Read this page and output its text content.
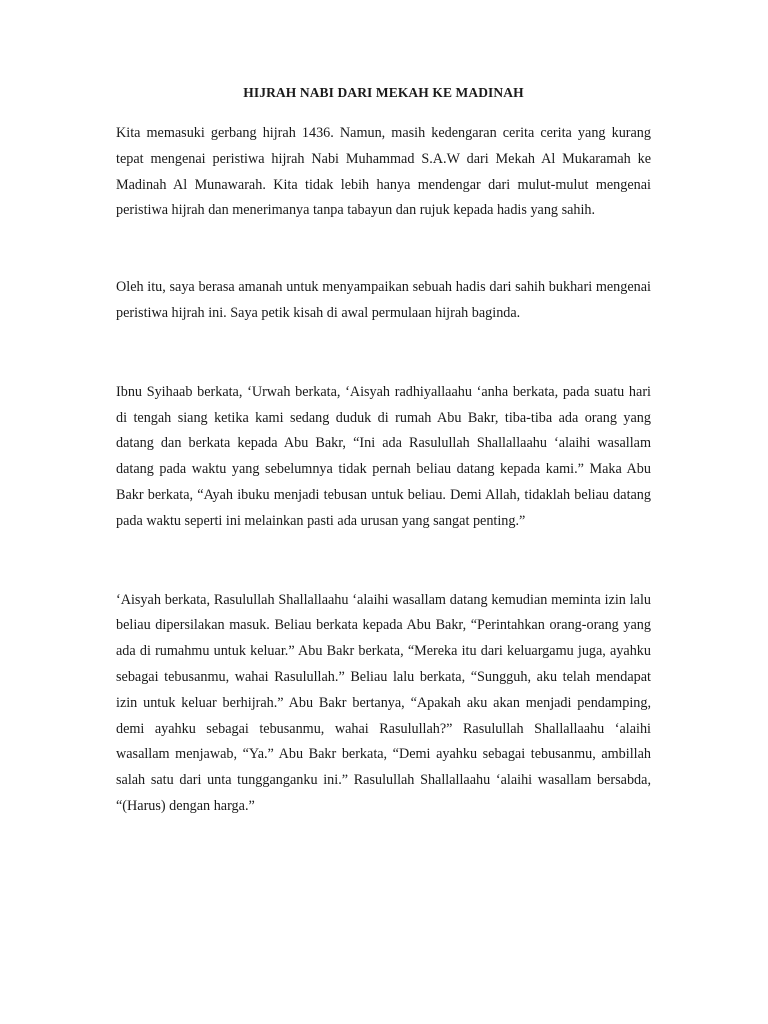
HIJRAH NABI DARI MEKAH KE MADINAH

Kita memasuki gerbang hijrah 1436. Namun, masih kedengaran cerita cerita yang kurang tepat mengenai peristiwa hijrah Nabi Muhammad S.A.W dari Mekah Al Mukaramah ke Madinah Al Munawarah. Kita tidak lebih hanya mendengar dari mulut-mulut mengenai peristiwa hijrah dan menerimanya tanpa tabayun dan rujuk kepada hadis yang sahih.

Oleh itu, saya berasa amanah untuk menyampaikan sebuah hadis dari sahih bukhari mengenai peristiwa hijrah ini. Saya petik kisah di awal permulaan hijrah baginda.

Ibnu Syihaab berkata, ‘Urwah berkata, ‘Aisyah radhiyallaahu ‘anha berkata, pada suatu hari di tengah siang ketika kami sedang duduk di rumah Abu Bakr, tiba-tiba ada orang yang datang dan berkata kepada Abu Bakr, “Ini ada Rasulullah Shallallaahu ‘alaihi wasallam datang pada waktu yang sebelumnya tidak pernah beliau datang kepada kami.” Maka Abu Bakr berkata, “Ayah ibuku menjadi tebusan untuk beliau. Demi Allah, tidaklah beliau datang pada waktu seperti ini melainkan pasti ada urusan yang sangat penting.”

‘Aisyah berkata, Rasulullah Shallallaahu ‘alaihi wasallam datang kemudian meminta izin lalu beliau dipersilakan masuk. Beliau berkata kepada Abu Bakr, “Perintahkan orang-orang yang ada di rumahmu untuk keluar.” Abu Bakr berkata, “Mereka itu dari keluargamu juga, ayahku sebagai tebusanmu, wahai Rasulullah.” Beliau lalu berkata, “Sungguh, aku telah mendapat izin untuk keluar berhijrah.” Abu Bakr bertanya, “Apakah aku akan menjadi pendamping, demi ayahku sebagai tebusanmu, wahai Rasulullah?” Rasulullah Shallallaahu ‘alaihi wasallam menjawab, “Ya.” Abu Bakr berkata, “Demi ayahku sebagai tebusanmu, ambillah salah satu dari unta tungganganku ini.” Rasulullah Shallallaahu ‘alaihi wasallam bersabda, “(Harus) dengan harga.”
